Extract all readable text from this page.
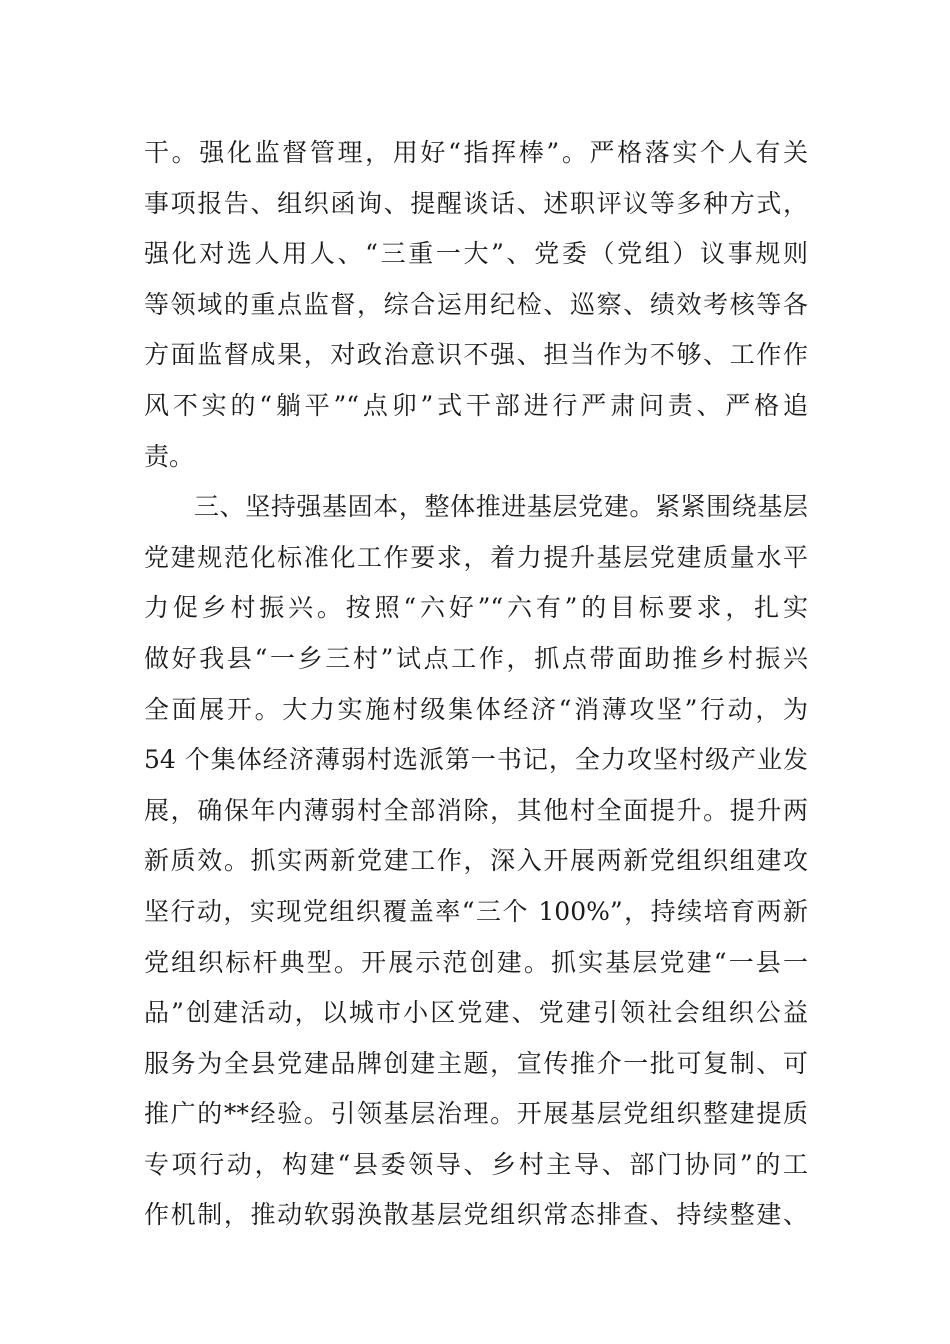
干。强化监督管理，用好“指挥棒”。严格落实个人有关
事项报告、组织函询、提醒谈话、述职评议等多种方式，
强化对选人用人、“三重一大”、党委（党组）议事规则
等领域的重点监督，综合运用纪检、巡察、绩效考核等各
方面监督成果，对政治意识不强、担当作为不够、工作作
风不实的“躺平”“点卯”式干部进行严肃问责、严格追
责。
三、坚持强基固本，整体推进基层党建。紧紧围绕基层
党建规范化标准化工作要求，着力提升基层党建质量水平
力促乡村振兴。按照“六好”“六有”的目标要求，扎实
做好我县“一乡三村”试点工作，抓点带面助推乡村振兴
全面展开。大力实施村级集体经济“消薄攻坚”行动，为
54 个集体经济薄弱村选派第一书记，全力攻坚村级产业发
展，确保年内薄弱村全部消除，其他村全面提升。提升两
新质效。抓实两新党建工作，深入开展两新党组织组建攻
坚行动，实现党组织覆盖率“三个 100%”，持续培育两新
党组织标杆典型。开展示范创建。抓实基层党建“一县一
品”创建活动，以城市小区党建、党建引领社会组织公益
服务为全县党建品牌创建主题，宣传推介一批可复制、可
推广的**经验。引领基层治理。开展基层党组织整建提质
专项行动，构建“县委领导、乡村主导、部门协同”的工
作机制，推动软弱涣散基层党组织常态排查、持续整建、
